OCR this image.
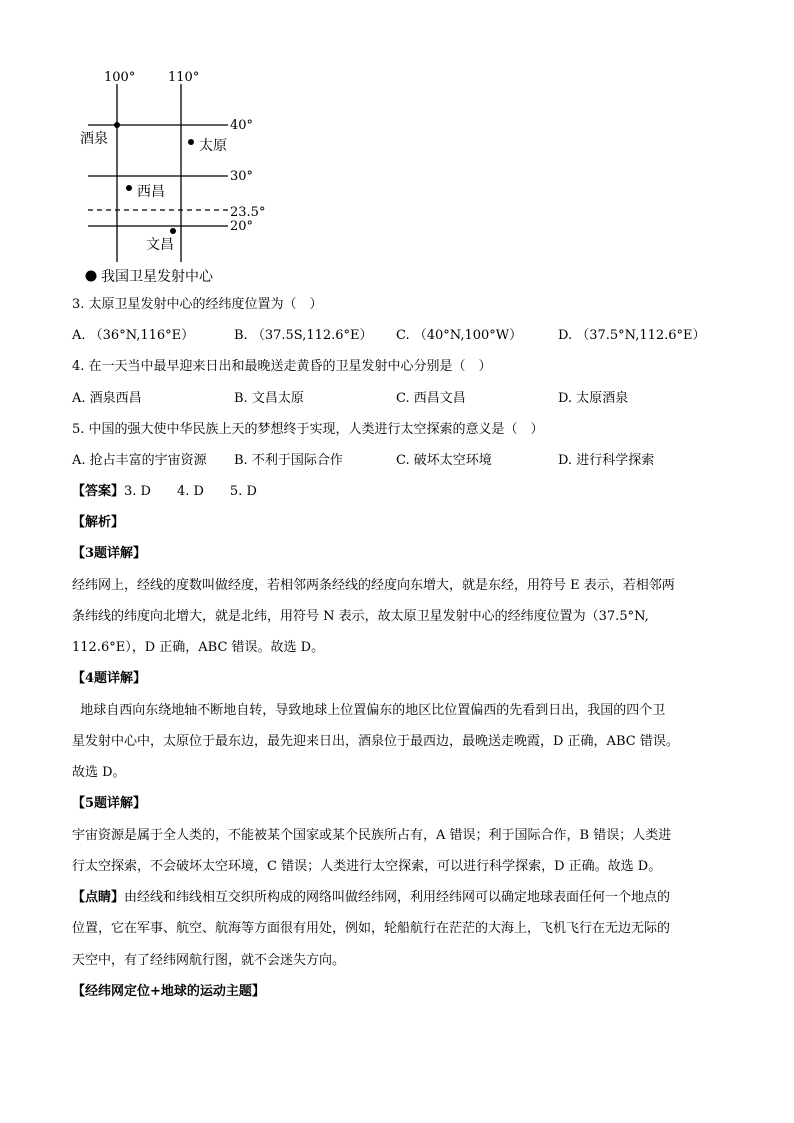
100°	110°
40°
30°
23.5°
20°
酒泉	太原
西昌
文昌
我国卫星发射中心
3. 太原卫星发射中心的经纬度位置为（　）
A. （36°N,116°E）	B. （37.5S,112.6°E） C. （40°N,100°W）	D. （37.5°N,112.6°E）
4. 在一天当中最早迎来日出和最晚送走黄昏的卫星发射中心分别是（　）
A. 酒泉西昌	B. 文昌太原	C. 西昌文昌	D. 太原酒泉
5. 中国的强大使中华民族上天的梦想终于实现，人类进行太空探索的意义是（　）
A. 抢占丰富的宇宙资源 B. 不利于国际合作	C. 破坏太空环境	D. 进行科学探索
【答案】3. D　　4. D　　5. D
【解析】
【3题详解】
经纬网上，经线的度数叫做经度，若相邻两条经线的经度向东增大，就是东经，用符号 E 表示，若相邻两
条纬线的纬度向北增大，就是北纬，用符号 N 表示，故太原卫星发射中心的经纬度位置为（37.5°N,
112.6°E），D 正确，ABC 错误。故选 D。
【4题详解】
地球自西向东绕地轴不断地自转，导致地球上位置偏东的地区比位置偏西的先看到日出，我国的四个卫
星发射中心中，太原位于最东边，最先迎来日出，酒泉位于最西边，最晚送走晚霞，D 正确，ABC 错误。
故选 D。
【5题详解】
宇宙资源是属于全人类的，不能被某个国家或某个民族所占有，A 错误；利于国际合作，B 错误；人类进
行太空探索，不会破坏太空环境，C 错误；人类进行太空探索，可以进行科学探索，D 正确。故选 D。
【点睛】由经线和纬线相互交织所构成的网络叫做经纬网，利用经纬网可以确定地球表面任何一个地点的
位置，它在军事、航空、航海等方面很有用处，例如，轮船航行在茫茫的大海上，飞机飞行在无边无际的
天空中，有了经纬网航行图，就不会迷失方向。
【经纬网定位+地球的运动主题】
